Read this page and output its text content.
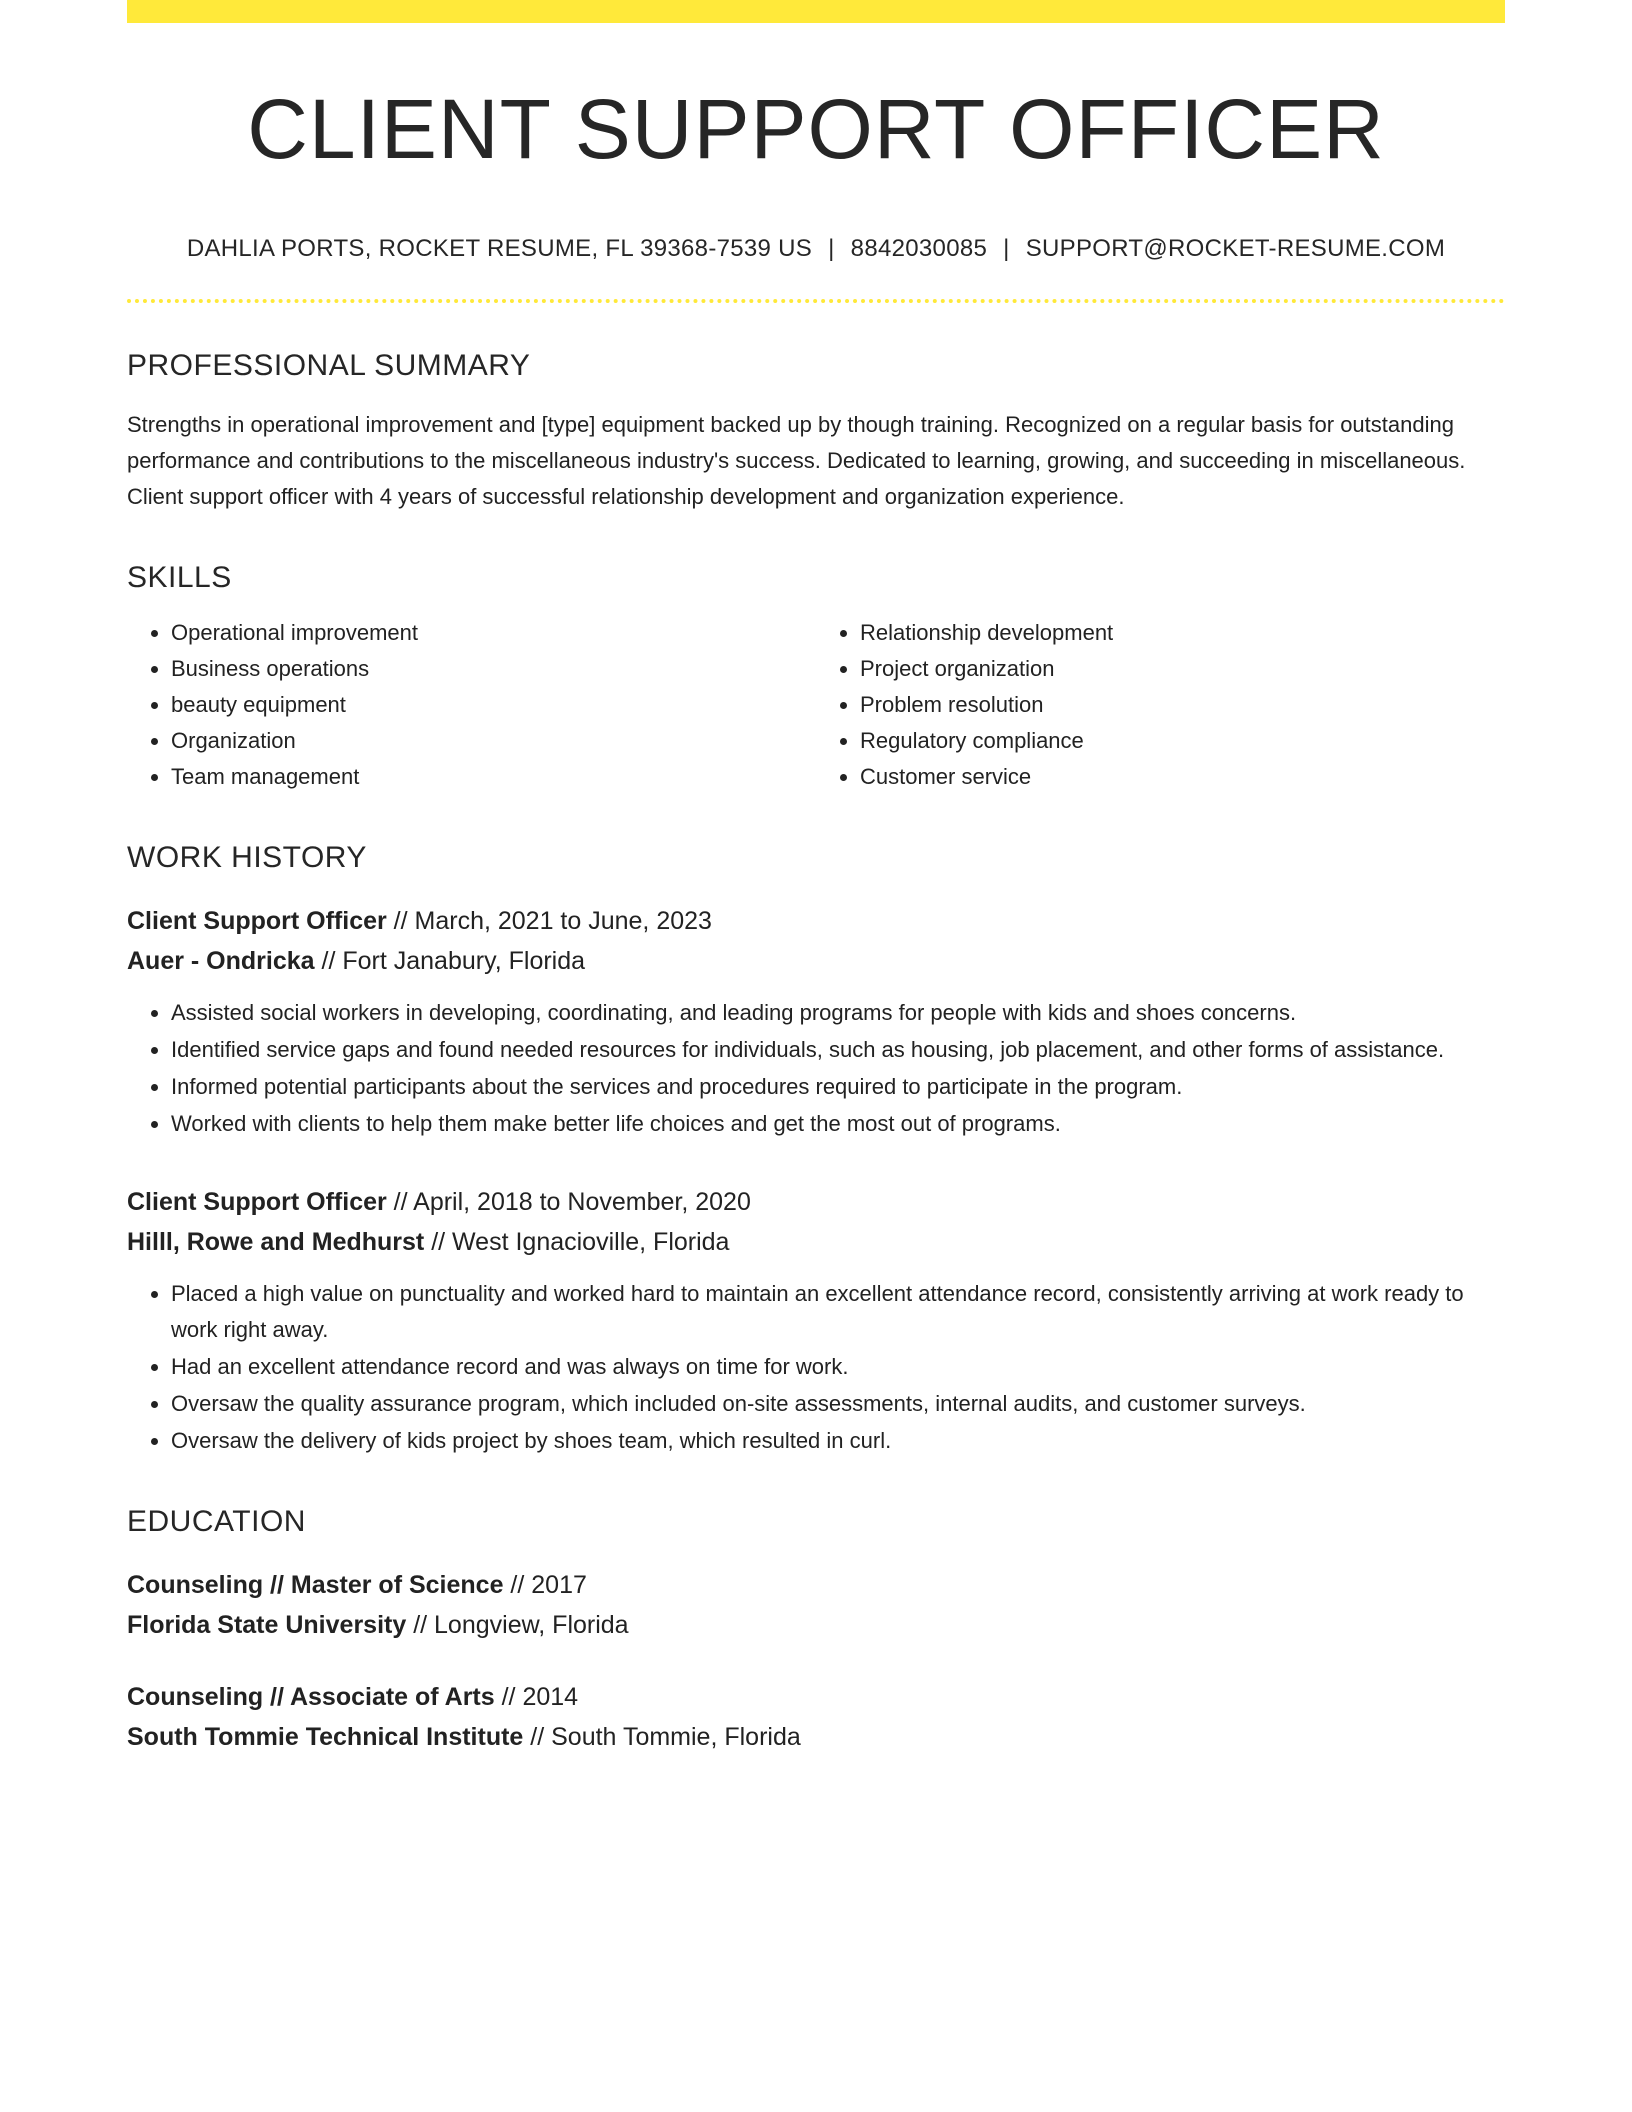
CLIENT SUPPORT OFFICER
DAHLIA PORTS, ROCKET RESUME, FL 39368-7539 US | 8842030085 | SUPPORT@ROCKET-RESUME.COM
PROFESSIONAL SUMMARY
Strengths in operational improvement and [type] equipment backed up by though training. Recognized on a regular basis for outstanding performance and contributions to the miscellaneous industry's success. Dedicated to learning, growing, and succeeding in miscellaneous. Client support officer with 4 years of successful relationship development and organization experience.
SKILLS
• Operational improvement
• Business operations
• beauty equipment
• Organization
• Team management
• Relationship development
• Project organization
• Problem resolution
• Regulatory compliance
• Customer service
WORK HISTORY
Client Support Officer // March, 2021 to June, 2023
Auer - Ondricka // Fort Janabury, Florida
• Assisted social workers in developing, coordinating, and leading programs for people with kids and shoes concerns.
• Identified service gaps and found needed resources for individuals, such as housing, job placement, and other forms of assistance.
• Informed potential participants about the services and procedures required to participate in the program.
• Worked with clients to help them make better life choices and get the most out of programs.
Client Support Officer // April, 2018 to November, 2020
Hilll, Rowe and Medhurst // West Ignacioville, Florida
• Placed a high value on punctuality and worked hard to maintain an excellent attendance record, consistently arriving at work ready to work right away.
• Had an excellent attendance record and was always on time for work.
• Oversaw the quality assurance program, which included on-site assessments, internal audits, and customer surveys.
• Oversaw the delivery of kids project by shoes team, which resulted in curl.
EDUCATION
Counseling // Master of Science // 2017
Florida State University // Longview, Florida
Counseling // Associate of Arts // 2014
South Tommie Technical Institute // South Tommie, Florida
